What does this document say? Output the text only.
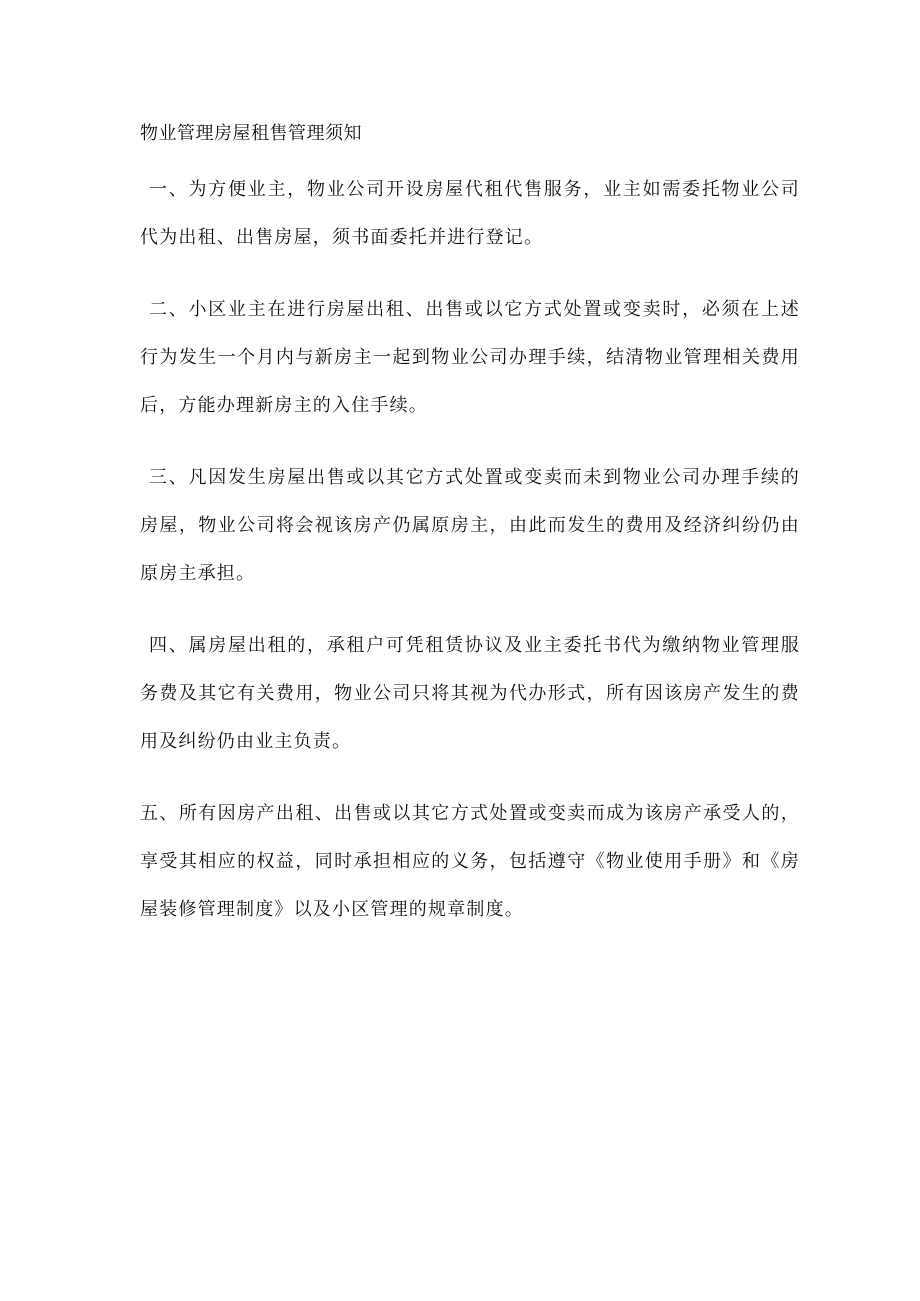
物业管理房屋租售管理须知

一、为方便业主，物业公司开设房屋代租代售服务，业主如需委托物业公司代为出租、出售房屋，须书面委托并进行登记。

二、小区业主在进行房屋出租、出售或以它方式处置或变卖时，必须在上述行为发生一个月内与新房主一起到物业公司办理手续，结清物业管理相关费用后，方能办理新房主的入住手续。

三、凡因发生房屋出售或以其它方式处置或变卖而未到物业公司办理手续的房屋，物业公司将会视该房产仍属原房主，由此而发生的费用及经济纠纷仍由原房主承担。

四、属房屋出租的，承租户可凭租赁协议及业主委托书代为缴纳物业管理服务费及其它有关费用，物业公司只将其视为代办形式，所有因该房产发生的费用及纠纷仍由业主负责。

五、所有因房产出租、出售或以其它方式处置或变卖而成为该房产承受人的，享受其相应的权益，同时承担相应的义务，包括遵守《物业使用手册》和《房屋装修管理制度》以及小区管理的规章制度。
